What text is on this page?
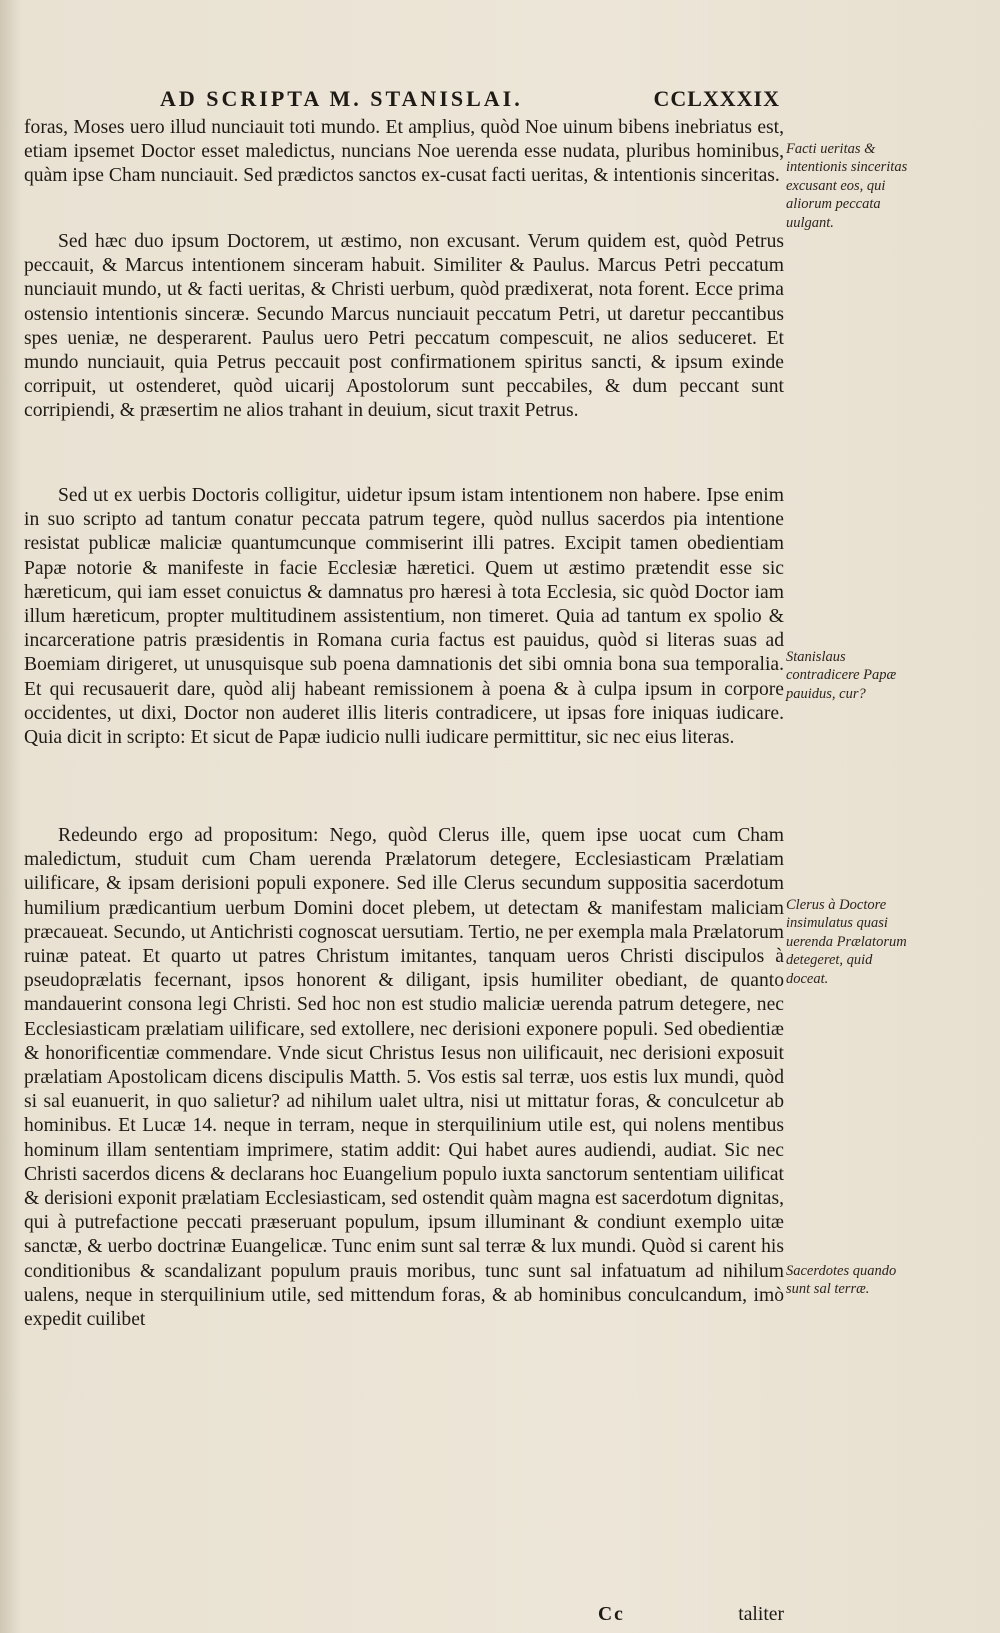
AD SCRIPTA M. STANISLAI.	CCLXXXIX

foras, Moses uero illud nunciauit toti mundo. Et amplius, quòd Noe uinum bibens inebriatus est, etiam ipsemet Doctor esset maledictus, nuncians Noe uerenda esse nudata, pluribus hominibus, quàm ipse Cham nunciauit. Sed prædictos sanctos ex-cusat facti ueritas, & intentionis sinceritas.

Sed hæc duo ipsum Doctorem, ut æstimo, non excusant. Verum quidem est, quòd Petrus peccauit, & Marcus intentionem sinceram habuit. Similiter & Paulus. Marcus Petri peccatum nunciauit mundo, ut & facti ueritas, & Christi uerbum, quòd prædixerat, nota forent. Ecce prima ostensio intentionis sinceræ. Secundo Marcus nunciauit peccatum Petri, ut daretur peccantibus spes ueniæ, ne desperarent. Paulus uero Petri peccatum compescuit, ne alios seduceret. Et mundo nunciauit, quia Petrus peccauit post confirmationem spiritus sancti, & ipsum exinde corripuit, ut ostenderet, quòd uicarij Apostolorum sunt peccabiles, & dum peccant sunt corripiendi, & præsertim ne alios trahant in deuium, sicut traxit Petrus.

Sed ut ex uerbis Doctoris colligitur, uidetur ipsum istam intentionem non habere. Ipse enim in suo scripto ad tantum conatur peccata patrum tegere, quòd nullus sacerdos pia intentione resistat publicæ maliciæ quantumcunque commiserint illi patres. Excipit tamen obedientiam Papæ notorie & manifeste in facie Ecclesiæ hæretici. Quem ut æstimo prætendit esse sic hæreticum, qui iam esset conuictus & damnatus pro hæresi à tota Ecclesia, sic quòd Doctor iam illum hæreticum, propter multitudinem assistentium, non timeret. Quia ad tantum ex spolio & incarceratione patris præsidentis in Romana curia factus est pauidus, quòd si literas suas ad Boemiam dirigeret, ut unusquisque sub poena damnationis det sibi omnia bona sua temporalia. Et qui recusauerit dare, quòd alij habeant remissionem à poena & à culpa ipsum in corpore occidentes, ut dixi, Doctor non auderet illis literis contradicere, ut ipsas fore iniquas iudicare. Quia dicit in scripto: Et sicut de Papæ iudicio nulli iudicare permittitur, sic nec eius literas.

Redeundo ergo ad propositum: Nego, quòd Clerus ille, quem ipse uocat cum Cham maledictum, studuit cum Cham uerenda Prælatorum detegere, Ecclesiasticam Prælatiam uilificare, & ipsam derisioni populi exponere. Sed ille Clerus secundum suppositia sacerdotum humilium prædicantium uerbum Domini docet plebem, ut detectam & manifestam maliciam præcaueat. Secundo, ut Antichristi cognoscat uersutiam. Tertio, ne per exempla mala Prælatorum ruinæ pateat. Et quarto ut patres Christum imitantes, tanquam ueros Christi discipulos à pseudoprælatis fecernant, ipsos honorent & diligant, ipsis humiliter obediant, de quanto mandauerint consona legi Christi. Sed hoc non est studio maliciæ uerenda patrum detegere, nec Ecclesiasticam prælatiam uilificare, sed extollere, nec derisioni exponere populi. Sed obedientiæ & honorificentiæ commendare. Vnde sicut Christus Iesus non uilificauit, nec derisioni exposuit prælatiam Apostolicam dicens discipulis Matth. 5. Vos estis sal terræ, uos estis lux mundi, quòd si sal euanuerit, in quo salietur? ad nihilum ualet ultra, nisi ut mittatur foras, & conculcetur ab hominibus. Et Lucæ 14. neque in terram, neque in sterquilinium utile est, qui nolens mentibus hominum illam sententiam imprimere, statim addit: Qui habet aures audiendi, audiat. Sic nec Christi sacerdos dicens & declarans hoc Euangelium populo iuxta sanctorum sententiam uilificat & derisioni exponit prælatiam Ecclesiasticam, sed ostendit quàm magna est sacerdotum dignitas, qui à putrefactione peccati præseruant populum, ipsum illuminant & condiunt exemplo uitæ sanctæ, & uerbo doctrinæ Euangelicæ. Tunc enim sunt sal terræ & lux mundi. Quòd si carent his conditionibus & scandalizant populum prauis moribus, tunc sunt sal infatuatum ad nihilum ualens, neque in sterquilinium utile, sed mittendum foras, & ab hominibus conculcandum, imò expedit cuilibet

Facti ueritas & intentionis sinceritas excusant eos, qui aliorum peccata uulgant.
Stanislaus contradicere Papæ pauidus, cur?
Clerus à Doctore insimulatus quasi uerenda Prælatorum detegeret, quid doceat.
Sacerdotes quando sunt sal terræ.
Cc	taliter
